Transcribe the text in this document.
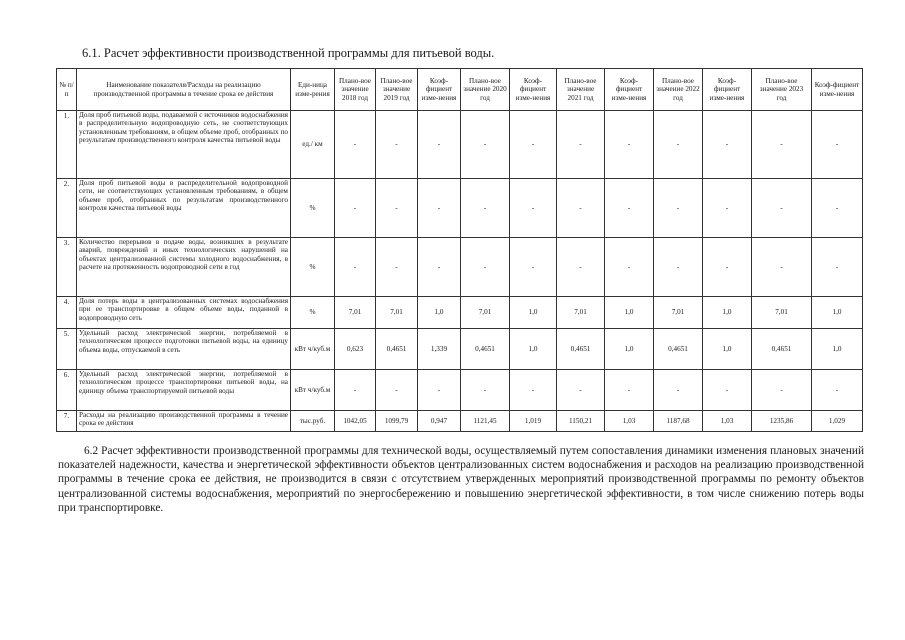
6.1. Расчет эффективности производственной программы для питьевой воды.
№ п/п	Наименование показателя/Расходы на реализацию производственной программы в течение срока ее действия	Еди-ница изме-рения	Плано-вое значение 2018 год	Плано-вое значение 2019 год	Коэф-фициент изме-нения	Плано-вое значение 2020 год	Коэф-фициент изме-нения	Плано-вое значение 2021 год	Коэф-фициент изме-нения	Плано-вое значение 2022 год	Коэф-фициент изме-нения	Плано-вое значение 2023 год	Коэф-фициент изме-нения
1.	Доля проб питьевой воды, подаваемой с источников водоснабжения в распределительную водопроводную сеть, не соответствующих установленным требованиям, в общем объеме проб, отобранных по результатам производственного контроля качества питьевой воды	ед./ км	-	-	-	-	-	-	-	-	-	-	-
2.	Доля проб питьевой воды в распределительной водопроводной сети, не соответствующих установленным требованиям, в общем объеме проб, отобранных по результатам производственного контроля качества питьевой воды	%	-	-	-	-	-	-	-	-	-	-	-
3.	Количество перерывов в подаче воды, возникших в результате аварий, повреждений и иных технологических нарушений на объектах централизованной системы холодного водоснабжения, в расчете на протяженность водопроводной сети в год	%	-	-	-	-	-	-	-	-	-	-	-
4.	Доля потерь воды в централизованных системах водоснабжения при ее транспортировке в общем объеме воды, поданной в водопроводную сеть	%	7,01	7,01	1,0	7,01	1,0	7,01	1,0	7,01	1,0	7,01	1,0
5.	Удельный расход электрической энергии, потребляемой в технологическом процессе подготовки питьевой воды, на единицу объема воды, отпускаемой в сеть	кВт ч/куб.м	0,623	0,4651	1,339	0,4651	1,0	0,4651	1,0	0,4651	1,0	0,4651	1,0
6.	Удельный расход электрической энергии, потребляемой в технологическом процессе транспортировки питьевой воды, на единицу объема транспортируемой питьевой воды	кВт ч/куб.м	-	-	-	-	-	-	-	-	-	-	-
7.	Расходы на реализацию производственной программы в течение срока ее действия	тыс.руб.	1042,05	1099,79	0,947	1121,45	1,019	1150,21	1,03	1187,68	1,03	1235,86	1,029
6.2 Расчет эффективности производственной программы для технической воды, осуществляемый путем сопоставления динамики изменения плановых значений показателей надежности, качества и энергетической эффективности объектов централизованных систем водоснабжения и расходов на реализацию производственной программы в течение срока ее действия, не производится в связи с отсутствием утвержденных мероприятий производственной программы по ремонту объектов централизованной системы водоснабжения, мероприятий по энергосбережению и повышению энергетической эффективности, в том числе снижению потерь воды при транспортировке.
